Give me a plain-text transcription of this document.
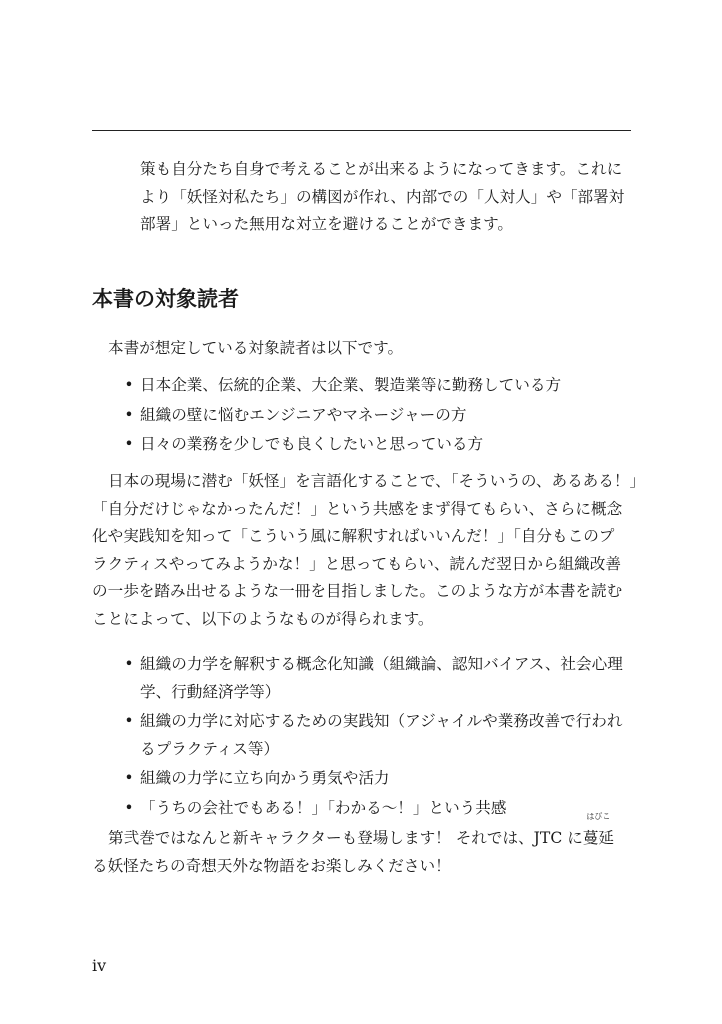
策も自分たち自身で考えることが出来るようになってきます。これに
より「妖怪対私たち」の構図が作れ、内部での「人対人」や「部署対
部署」といった無用な対立を避けることができます。
本書の対象読者
本書が想定している対象読者は以下です。
• 日本企業、伝統的企業、大企業、製造業等に勤務している方
• 組織の壁に悩むエンジニアやマネージャーの方
• 日々の業務を少しでも良くしたいと思っている方
日本の現場に潜む「妖怪」を言語化することで、「そういうの、あるある！」
「自分だけじゃなかったんだ！」という共感をまず得てもらい、さらに概念
化や実践知を知って「こういう風に解釈すればいいんだ！」「自分もこのプ
ラクティスやってみようかな！」と思ってもらい、読んだ翌日から組織改善
の一歩を踏み出せるような一冊を目指しました。このような方が本書を読む
ことによって、以下のようなものが得られます。
• 組織の力学を解釈する概念化知識（組織論、認知バイアス、社会心理
学、行動経済学等）
• 組織の力学に対応するための実践知（アジャイルや業務改善で行われ
るプラクティス等）
• 組織の力学に立ち向かう勇気や活力
• 「うちの会社でもある！」「わかる～！」という共感
第弐巻ではなんと新キャラクターも登場します！ それでは、JTC に
はびこ
蔓延
る妖怪たちの奇想天外な物語をお楽しみください！
iv
